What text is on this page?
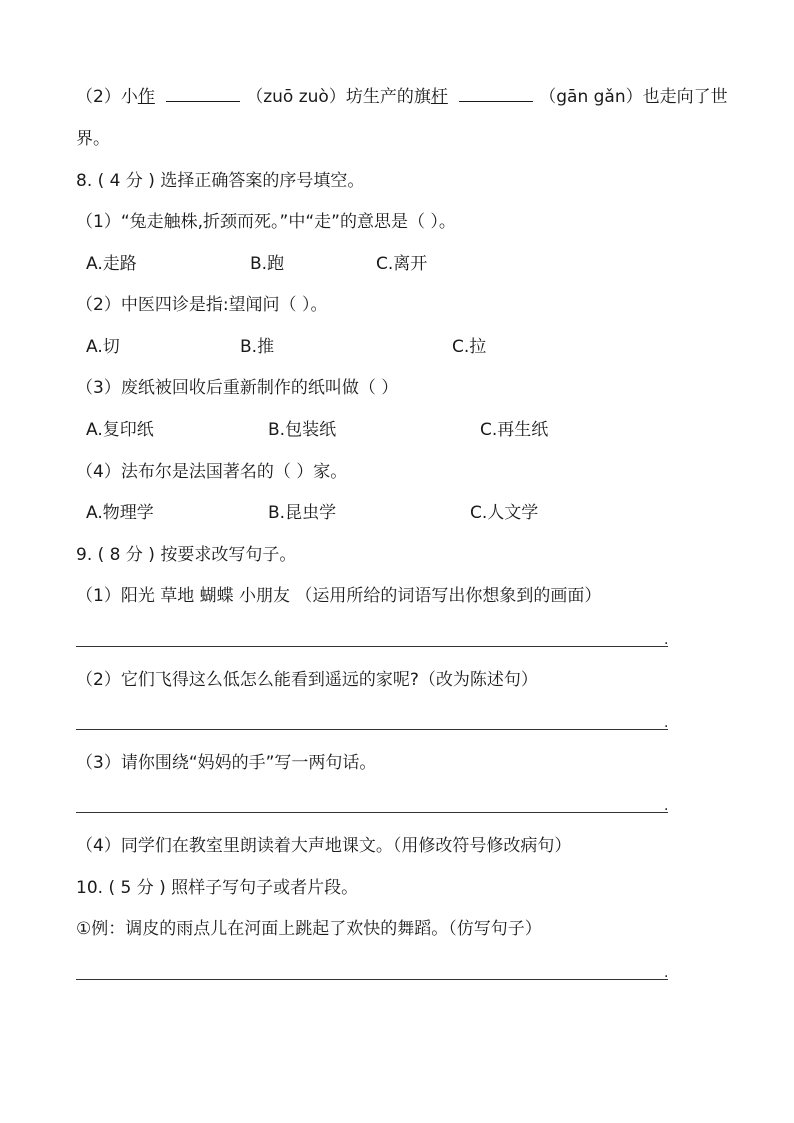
（2）小作	（zuō zuò）坊生产的旗杆	（gān gǎn）也走向了世
界。
8. ( 4 分 ) 选择正确答案的序号填空。
（1）“兔走触株,折颈而死。”中“走”的意思是（ ）。
A.走路	B.跑	C.离开
（2）中医四诊是指:望闻问（ ）。
A.切	B.推	C.拉
（3）废纸被回收后重新制作的纸叫做（ ）
A.复印纸	B.包装纸	C.再生纸
（4）法布尔是法国著名的（ ）家。
A.物理学	B.昆虫学	C.人文学
9. ( 8 分 ) 按要求改写句子。
（1）阳光 草地 蝴蝶 小朋友 （运用所给的词语写出你想象到的画面）
.
（2）它们飞得这么低怎么能看到遥远的家呢?（改为陈述句）
.
（3）请你围绕“妈妈的手”写一两句话。
.
（4）同学们在教室里朗读着大声地课文。（用修改符号修改病句）
10. ( 5 分 ) 照样子写句子或者片段。
①例：调皮的雨点儿在河面上跳起了欢快的舞蹈。（仿写句子）
.
